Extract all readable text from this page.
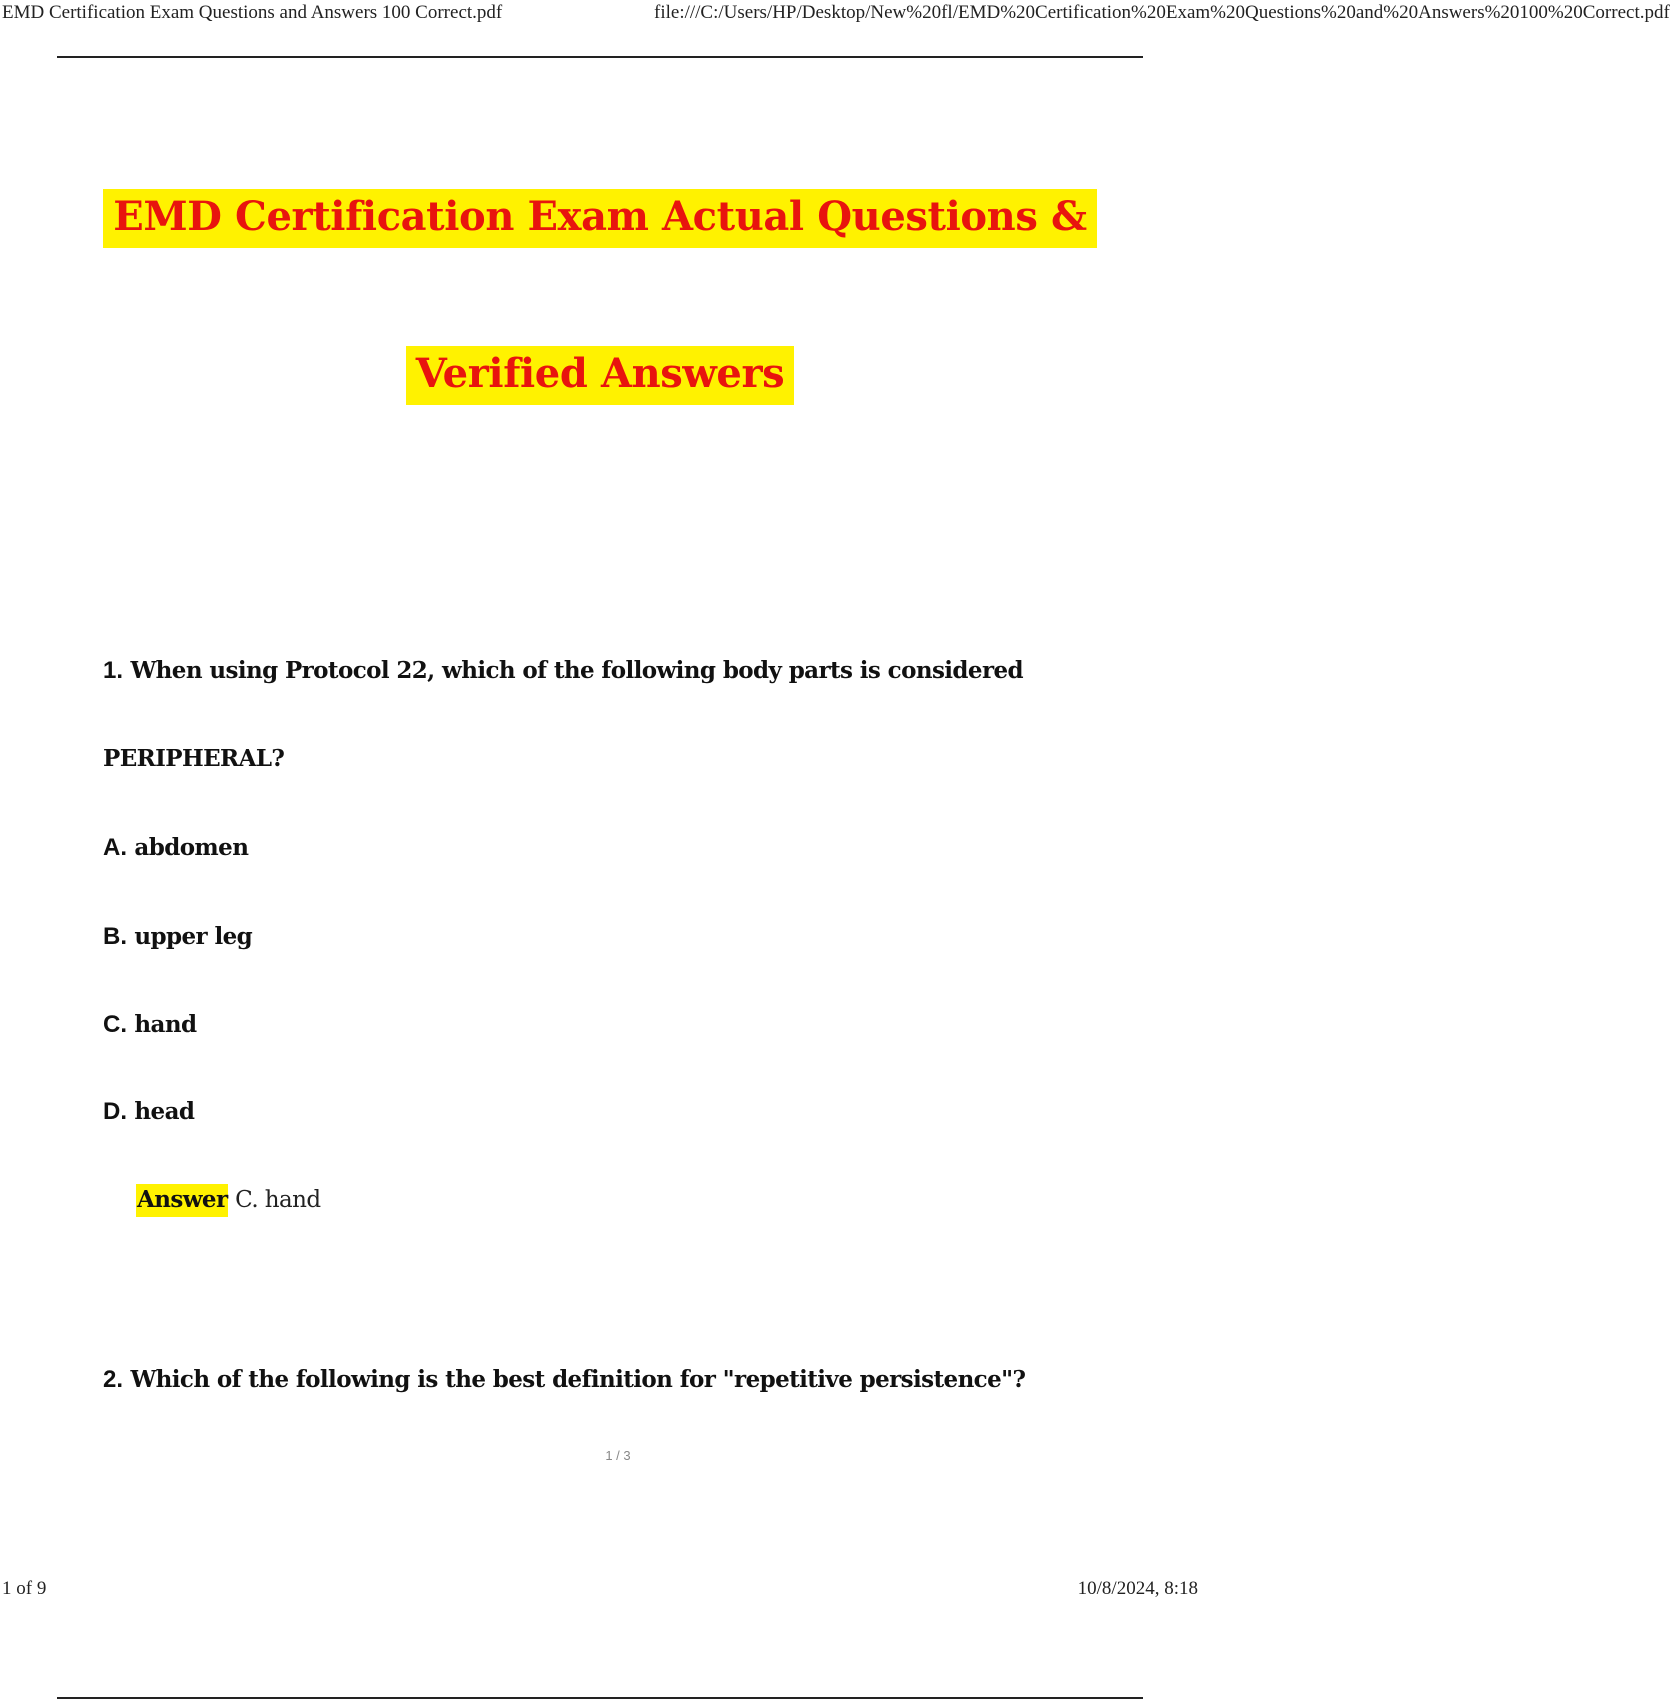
EMD Certification Exam Questions and Answers 100 Correct.pdf	file:///C:/Users/HP/Desktop/New%20fl/EMD%20Certification%20Exam%20Questions%20and%20Answers%20100%20Correct.pdf
EMD Certification Exam Actual Questions &
Verified Answers
1. When using Protocol 22, which of the following body parts is considered
PERIPHERAL?
A. abdomen
B. upper leg
C. hand
D. head
Answer C. hand
2. Which of the following is the best definition for "repetitive persistence"?
1 / 3
1 of 9	10/8/2024, 8:18
